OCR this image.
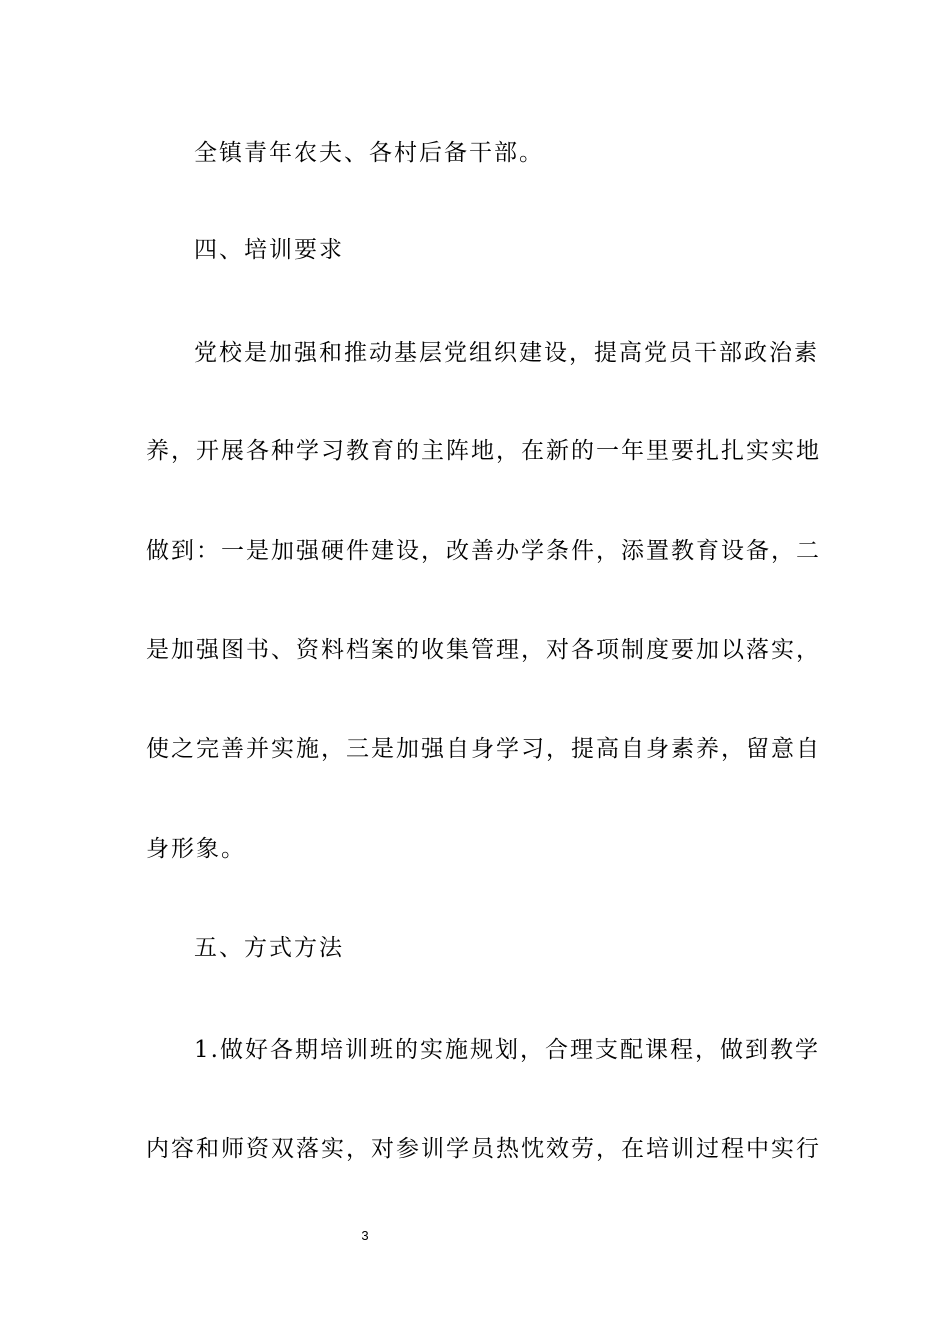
全镇青年农夫、各村后备干部。
四、培训要求
党校是加强和推动基层党组织建设，提高党员干部政治素
养，开展各种学习教育的主阵地，在新的一年里要扎扎实实地
做到：一是加强硬件建设，改善办学条件，添置教育设备，二
是加强图书、资料档案的收集管理，对各项制度要加以落实，
使之完善并实施，三是加强自身学习，提高自身素养，留意自
身形象。
五、方式方法
1.做好各期培训班的实施规划，合理支配课程，做到教学
内容和师资双落实，对参训学员热忱效劳，在培训过程中实行
3
